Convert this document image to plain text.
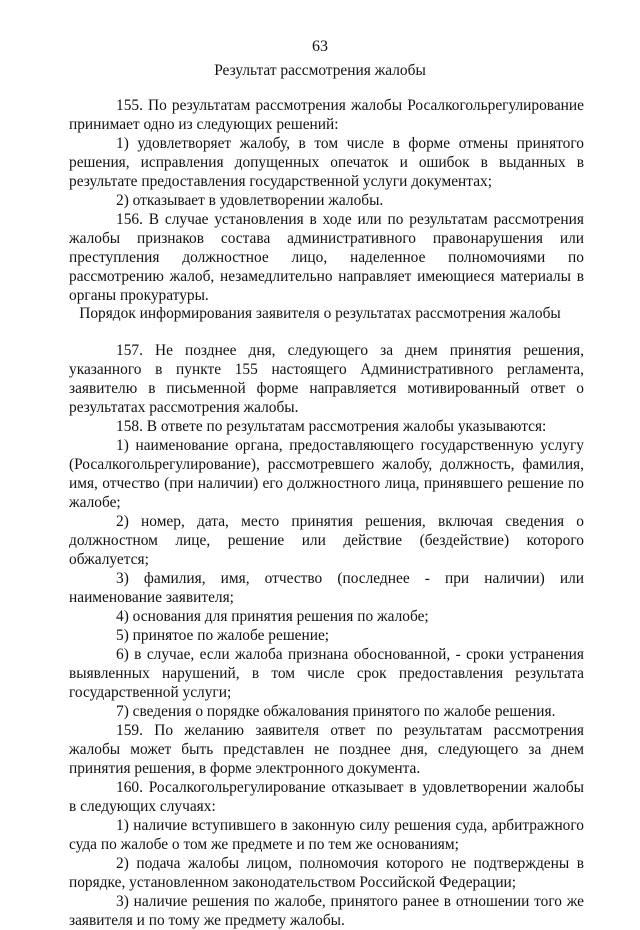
63
Результат рассмотрения жалобы

155. По результатам рассмотрения жалобы Росалкогольрегулирование принимает одно из следующих решений:

1) удовлетворяет жалобу, в том числе в форме отмены принятого решения, исправления допущенных опечаток и ошибок в выданных в результате предоставления государственной услуги документах;

2) отказывает в удовлетворении жалобы.

156. В случае установления в ходе или по результатам рассмотрения жалобы признаков состава административного правонарушения или преступления должностное лицо, наделенное полномочиями по рассмотрению жалоб, незамедлительно направляет имеющиеся материалы в органы прокуратуры.

Порядок информирования заявителя о результатах рассмотрения жалобы

157. Не позднее дня, следующего за днем принятия решения, указанного в пункте 155 настоящего Административного регламента, заявителю в письменной форме направляется мотивированный ответ о результатах рассмотрения жалобы.

158. В ответе по результатам рассмотрения жалобы указываются:

1) наименование органа, предоставляющего государственную услугу (Росалкогольрегулирование), рассмотревшего жалобу, должность, фамилия, имя, отчество (при наличии) его должностного лица, принявшего решение по жалобе;

2) номер, дата, место принятия решения, включая сведения о должностном лице, решение или действие (бездействие) которого обжалуется;

3) фамилия, имя, отчество (последнее - при наличии) или наименование заявителя;

4) основания для принятия решения по жалобе;

5) принятое по жалобе решение;

6) в случае, если жалоба признана обоснованной, - сроки устранения выявленных нарушений, в том числе срок предоставления результата государственной услуги;

7) сведения о порядке обжалования принятого по жалобе решения.

159. По желанию заявителя ответ по результатам рассмотрения жалобы может быть представлен не позднее дня, следующего за днем принятия решения, в форме электронного документа.

160. Росалкогольрегулирование отказывает в удовлетворении жалобы в следующих случаях:

1) наличие вступившего в законную силу решения суда, арбитражного суда по жалобе о том же предмете и по тем же основаниям;

2) подача жалобы лицом, полномочия которого не подтверждены в порядке, установленном законодательством Российской Федерации;

3) наличие решения по жалобе, принятого ранее в отношении того же заявителя и по тому же предмету жалобы.
